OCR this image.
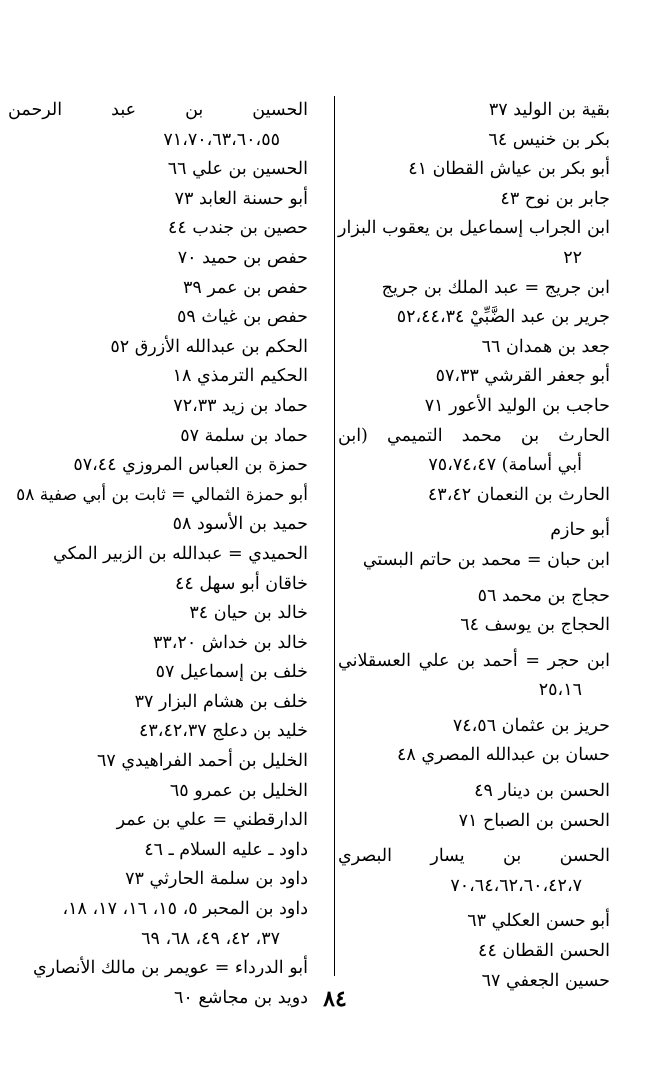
بقية بن الوليد ٣٧
بكر بن خنيس ٦٤
أبو بكر بن عياش القطان ٤١
جابر بن نوح ٤٣
ابن الجراب إسماعيل بن يعقوب البزار
٢٢
ابن جريج = عبد الملك بن جريج
جرير بن عبد الضَّبِّيْ ٥٢،٤٤،٣٤
جعد بن همدان ٦٦
أبو جعفر القرشي ٥٧،٣٣
حاجب بن الوليد الأعور ٧١
الحارث بن محمد التميمي (ابن
أبي أسامة) ٧٥،٧٤،٤٧
الحارث بن النعمان ٤٣،٤٢
أبو حازم
ابن حبان = محمد بن حاتم البستي
حجاج بن محمد ٥٦
الحجاج بن يوسف ٦٤
ابن حجر = أحمد بن علي العسقلاني
٢٥،١٦
حريز بن عثمان ٧٤،٥٦
حسان بن عبدالله المصري ٤٨
الحسن بن دينار ٤٩
الحسن بن الصباح ٧١
الحسن بن يسار البصري
٧٠،٦٤،٦٢،٦٠،٤٢،٧
أبو حسن العكلي ٦٣
الحسن القطان ٤٤
حسين الجعفي ٦٧
الحسين بن عبد الرحمن
٧١،٧٠،٦٣،٦٠،٥٥
الحسين بن علي ٦٦
أبو حسنة العابد ٧٣
حصين بن جندب ٤٤
حفص بن حميد ٧٠
حفص بن عمر ٣٩
حفص بن غياث ٥٩
الحكم بن عبدالله الأزرق ٥٢
الحكيم الترمذي ١٨
حماد بن زيد ٧٢،٣٣
حماد بن سلمة ٥٧
حمزة بن العباس المروزي ٥٧،٤٤
أبو حمزة الثمالي = ثابت بن أبي صفية ٥٨
حميد بن الأسود ٥٨
الحميدي = عبدالله بن الزبير المكي
خاقان أبو سهل ٤٤
خالد بن حيان ٣٤
خالد بن خداش ٣٣،٢٠
خلف بن إسماعيل ٥٧
خلف بن هشام البزار ٣٧
خليد بن دعلج ٤٣،٤٢،٣٧
الخليل بن أحمد الفراهيدي ٦٧
الخليل بن عمرو ٦٥
الدارقطني = علي بن عمر
داود ـ عليه السلام ـ ٤٦
داود بن سلمة الحارثي ٧٣
داود بن المحبر ٥، ١٥، ١٦، ١٧، ١٨،
٣٧، ٤٢، ٤٩، ٦٨، ٦٩
أبو الدرداء = عويمر بن مالك الأنصاري
دويد بن مجاشع ٦٠ ٨٤
